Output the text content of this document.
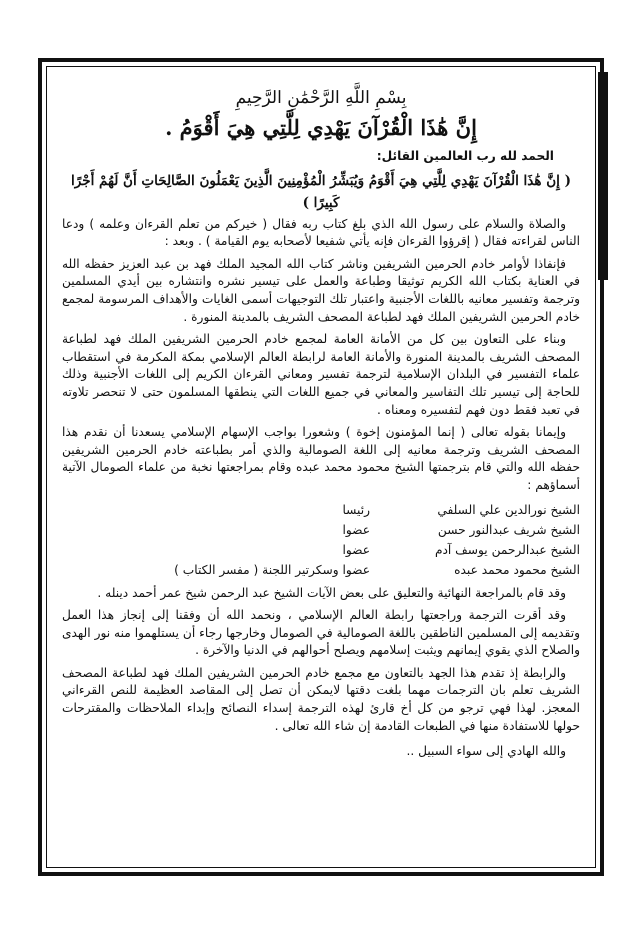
بِسْمِ اللَّهِ الرَّحْمَٰنِ الرَّحِيمِ
إِنَّ هَٰذَا الْقُرْآنَ يَهْدِي لِلَّتِي هِيَ أَقْوَمُ .
الحمد لله رب العالمين القائل:
( إِنَّ هَٰذَا الْقُرْآنَ يَهْدِي لِلَّتِي هِيَ أَقْوَمُ وَيُبَشِّرُ الْمُؤْمِنِينَ الَّذِينَ يَعْمَلُونَ الصَّالِحَاتِ أَنَّ لَهُمْ أَجْرًا كَبِيرًا )

والصلاة والسلام على رسول الله الذي بلغ كتاب ربه فقال ( خيركم من تعلم القرءان وعلمه ) ودعا الناس لقراءته فقال ( إقرؤوا القرءان فإنه يأتي شفيعا لأصحابه يوم القيامة ) . وبعد :

فإنفاذا لأوامر خادم الحرمين الشريفين وناشر كتاب الله المجيد الملك فهد بن عبد العزيز حفظه الله في العناية بكتاب الله الكريم توثيقا وطباعة والعمل على تيسير نشره وانتشاره بين أيدي المسلمين وترجمة وتفسير معانيه باللغات الأجنبية واعتبار تلك التوجيهات أسمى الغايات والأهداف المرسومة لمجمع خادم الحرمين الشريفين الملك فهد لطباعة المصحف الشريف بالمدينة المنورة .

وبناء على التعاون بين كل من الأمانة العامة لمجمع خادم الحرمين الشريفين الملك فهد لطباعة المصحف الشريف بالمدينة المنورة والأمانة العامة لرابطة العالم الإسلامي بمكة المكرمة في استقطاب علماء التفسير في البلدان الإسلامية لترجمة تفسير ومعاني القرءان الكريم إلى اللغات الأجنبية وذلك للحاجة إلى تيسير تلك التفاسير والمعاني في جميع اللغات التي ينطقها المسلمون حتى لا تنحصر تلاوته في تعبد فقط دون فهم لتفسيره ومعناه .

وإيمانا بقوله تعالى ( إنما المؤمنون إخوة ) وشعورا بواجب الإسهام الإسلامي يسعدنا أن نقدم هذا المصحف الشريف وترجمة معانيه إلى اللغة الصومالية والذي أمر بطباعته خادم الحرمين الشريفين حفظه الله والتي قام بترجمتها الشيخ محمود محمد عبده وقام بمراجعتها نخبة من علماء الصومال الآتية أسماؤهم :

الشيخ نورالدين علي السلفي
رئيسا
الشيخ شريف عبدالنور حسن
عضوا
الشيخ عبدالرحمن يوسف آدم
عضوا
الشيخ محمود محمد عبده
عضوا وسكرتير اللجنة ( مفسر الكتاب )

وقد قام بالمراجعة النهائية والتعليق على بعض الآيات الشيخ عبد الرحمن شيخ عمر أحمد دينله .

وقد أقرت الترجمة وراجعتها رابطة العالم الإسلامي ، ونحمد الله أن وفقنا إلى إنجاز هذا العمل وتقديمه إلى المسلمين الناطقين باللغة الصومالية في الصومال وخارجها رجاء أن يستلهموا منه نور الهدى والصلاح الذي يقوي إيمانهم ويثبت إسلامهم ويصلح أحوالهم في الدنيا والآخرة .

والرابطة إذ تقدم هذا الجهد بالتعاون مع مجمع خادم الحرمين الشريفين الملك فهد لطباعة المصحف الشريف تعلم بان الترجمات مهما بلغت دقتها لايمكن أن تصل إلى المقاصد العظيمة للنص القرءاني المعجز. لهذا فهي ترجو من كل أخ قارئ لهذه الترجمة إسداء النصائح وإبداء الملاحظات والمقترحات حولها للاستفادة منها في الطبعات القادمة إن شاء الله تعالى .

والله الهادي إلى سواء السبيل ..
